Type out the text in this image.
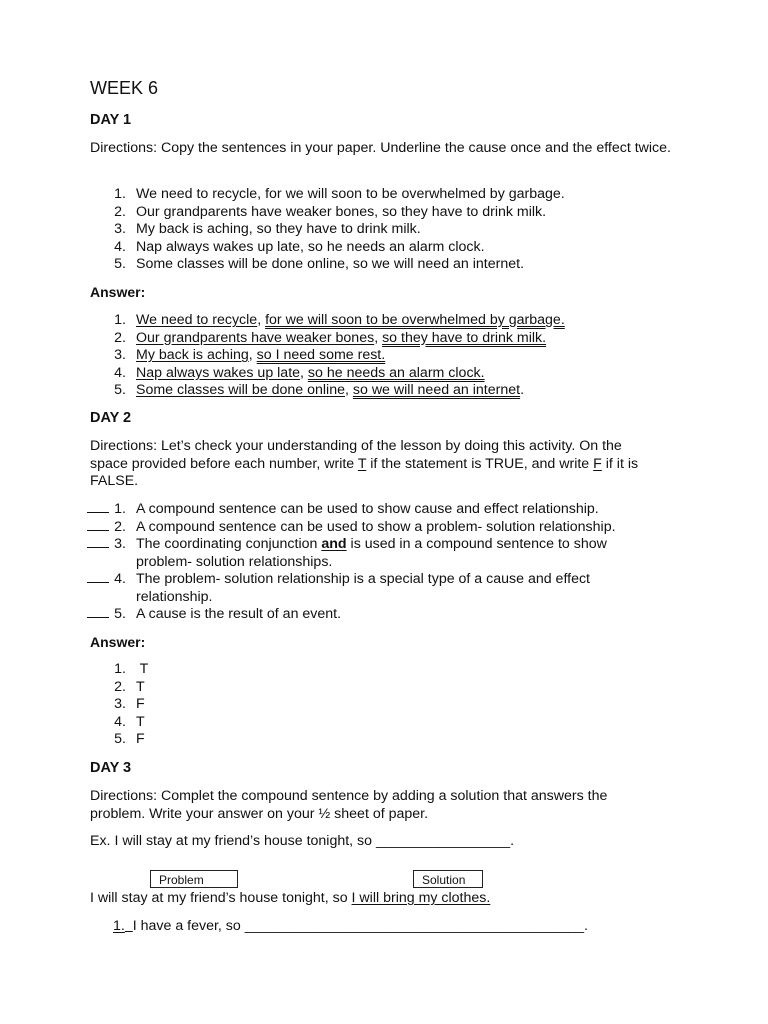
WEEK 6
DAY 1
Directions: Copy the sentences in your paper. Underline the cause once and the effect twice.
1. We need to recycle, for we will soon to be overwhelmed by garbage.
2. Our grandparents have weaker bones, so they have to drink milk.
3. My back is aching, so they have to drink milk.
4. Nap always wakes up late, so he needs an alarm clock.
5. Some classes will be done online, so we will need an internet.
Answer:
1. We need to recycle, for we will soon to be overwhelmed by garbage.
2. Our grandparents have weaker bones, so they have to drink milk.
3. My back is aching, so I need some rest.
4. Nap always wakes up late, so he needs an alarm clock.
5. Some classes will be done online, so we will need an internet.
DAY 2
Directions: Let’s check your understanding of the lesson by doing this activity. On the
space provided before each number, write T if the statement is TRUE, and write F if it is
FALSE.
1. A compound sentence can be used to show cause and effect relationship.
2. A compound sentence can be used to show a problem- solution relationship.
3. The coordinating conjunction and is used in a compound sentence to show
problem- solution relationships.
4. The problem- solution relationship is a special type of a cause and effect
relationship.
5. A cause is the result of an event.
Answer:
1. T
2. T
3. F
4. T
5. F
DAY 3
Directions: Complet the compound sentence by adding a solution that answers the
problem. Write your answer on your ½ sheet of paper.
Ex. I will stay at my friend’s house tonight, so _________________.
Problem	Solution
I will stay at my friend’s house tonight, so I will bring my clothes.
1. I have a fever, so ___________________________________________.
